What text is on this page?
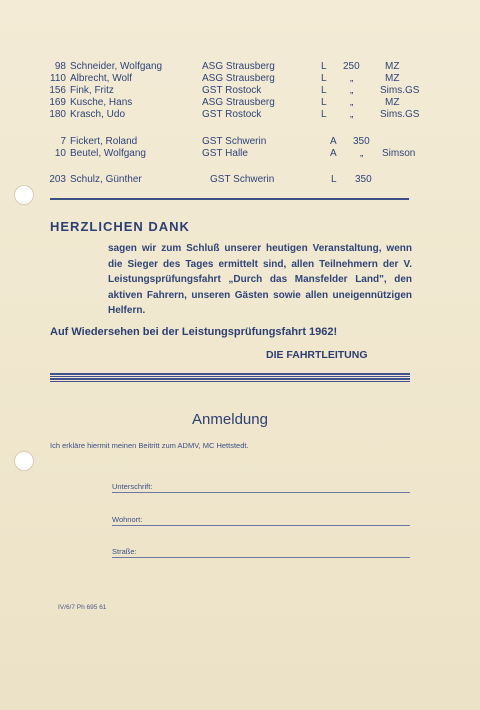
98 Schneider, Wolfgang	ASG Strausberg	L 250	MZ
110 Albrecht, Wolf	ASG Strausberg	L „	MZ
156 Fink, Fritz	GST Rostock	L „	Sims.GS
169 Kusche, Hans	ASG Strausberg	L „	MZ
180 Krasch, Udo	GST Rostock	L „	Sims.GS
7 Fickert, Roland	GST Schwerin	A 350
10 Beutel, Wolfgang	GST Halle	A „ Simson
203 Schulz, Günther	GST Schwerin	L 350
HERZLICHEN DANK
sagen wir zum Schluß unserer heutigen Veranstaltung, wenn die Sieger des Tages ermittelt sind, allen Teilnehmern der V. Leistungsprüfungsfahrt „Durch das Mansfelder Land", den aktiven Fahrern, unseren Gästen sowie allen uneigennützigen Helfern.
Auf Wiedersehen bei der Leistungsprüfungsfahrt 1962!
DIE FAHRTLEITUNG
Anmeldung
Ich erkläre hiermit meinen Beitritt zum ADMV, MC Hettstedt.
Unterschrift:
Wohnort:
Straße:
IV/6/7 Ph 695 61
